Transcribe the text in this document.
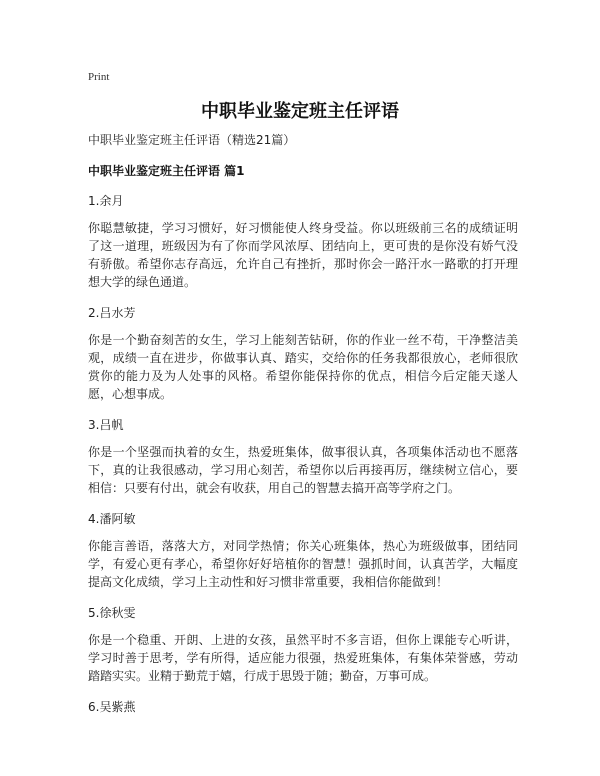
Print
中职毕业鉴定班主任评语

中职毕业鉴定班主任评语（精选21篇）

中职毕业鉴定班主任评语 篇1

1.余月

你聪慧敏捷，学习习惯好，好习惯能使人终身受益。你以班级前三名的成绩证明了这一道理，班级因为有了你而学风浓厚、团结向上，更可贵的是你没有娇气没有骄傲。希望你志存高远，允许自己有挫折，那时你会一路汗水一路歌的打开理想大学的绿色通道。

2.吕水芳

你是一个勤奋刻苦的女生，学习上能刻苦钻研，你的作业一丝不苟，干净整洁美观，成绩一直在进步，你做事认真、踏实，交给你的任务我都很放心，老师很欣赏你的能力及为人处事的风格。希望你能保持你的优点，相信今后定能天遂人愿，心想事成。

3.吕帆

你是一个坚强而执着的女生，热爱班集体，做事很认真，各项集体活动也不愿落下，真的让我很感动，学习用心刻苦，希望你以后再接再厉，继续树立信心，要相信：只要有付出，就会有收获，用自己的智慧去搞开高等学府之门。

4.潘阿敏

你能言善语，落落大方，对同学热情；你关心班集体，热心为班级做事，团结同学，有爱心更有孝心，希望你好好培植你的智慧！强抓时间，认真苦学，大幅度提高文化成绩，学习上主动性和好习惯非常重要，我相信你能做到！

5.徐秋雯

你是一个稳重、开朗、上进的女孩，虽然平时不多言语，但你上课能专心听讲，学习时善于思考，学有所得，适应能力很强，热爱班集体，有集体荣誉感，劳动踏踏实实。业精于勤荒于嬉，行成于思毁于随；勤奋，万事可成。

6.吴紫燕
